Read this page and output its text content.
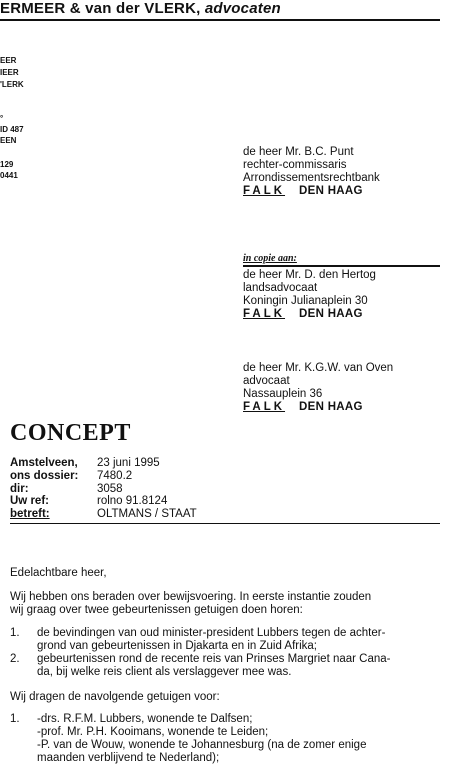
ERMEER & van der VLERK, advocaten
EER
IEER
'LERK
°
ID 487
EEN
129
0441
de heer Mr. B.C. Punt
rechter-commissaris
Arrondissementsrechtbank
FALK DEN HAAG
in copie aan:
de heer Mr. D. den Hertog
landsadvocaat
Koningin Julianaplein 30
FALK DEN HAAG
de heer Mr. K.G.W. van Oven
advocaat
Nassauplein 36
FALK DEN HAAG
CONCEPT
Amstelveen,	23 juni 1995
ons dossier:	7480.2
dir:	3058
Uw ref:	rolno 91.8124
betreft:	OLTMANS / STAAT
Edelachtbare heer,
Wij hebben ons beraden over bewijsvoering. In eerste instantie zouden
wij graag over twee gebeurtenissen getuigen doen horen:
1.	de bevindingen van oud minister-president Lubbers tegen de achter-
grond van gebeurtenissen in Djakarta en in Zuid Afrika;
2.	gebeurtenissen rond de recente reis van Prinses Margriet naar Cana-
da, bij welke reis client als verslaggever mee was.
Wij dragen de navolgende getuigen voor:
1.	-drs. R.F.M. Lubbers, wonende te Dalfsen;
-prof. Mr. P.H. Kooimans, wonende te Leiden;
-P. van de Wouw, wonende te Johannesburg (na de zomer enige
maanden verblijvend te Nederland);
